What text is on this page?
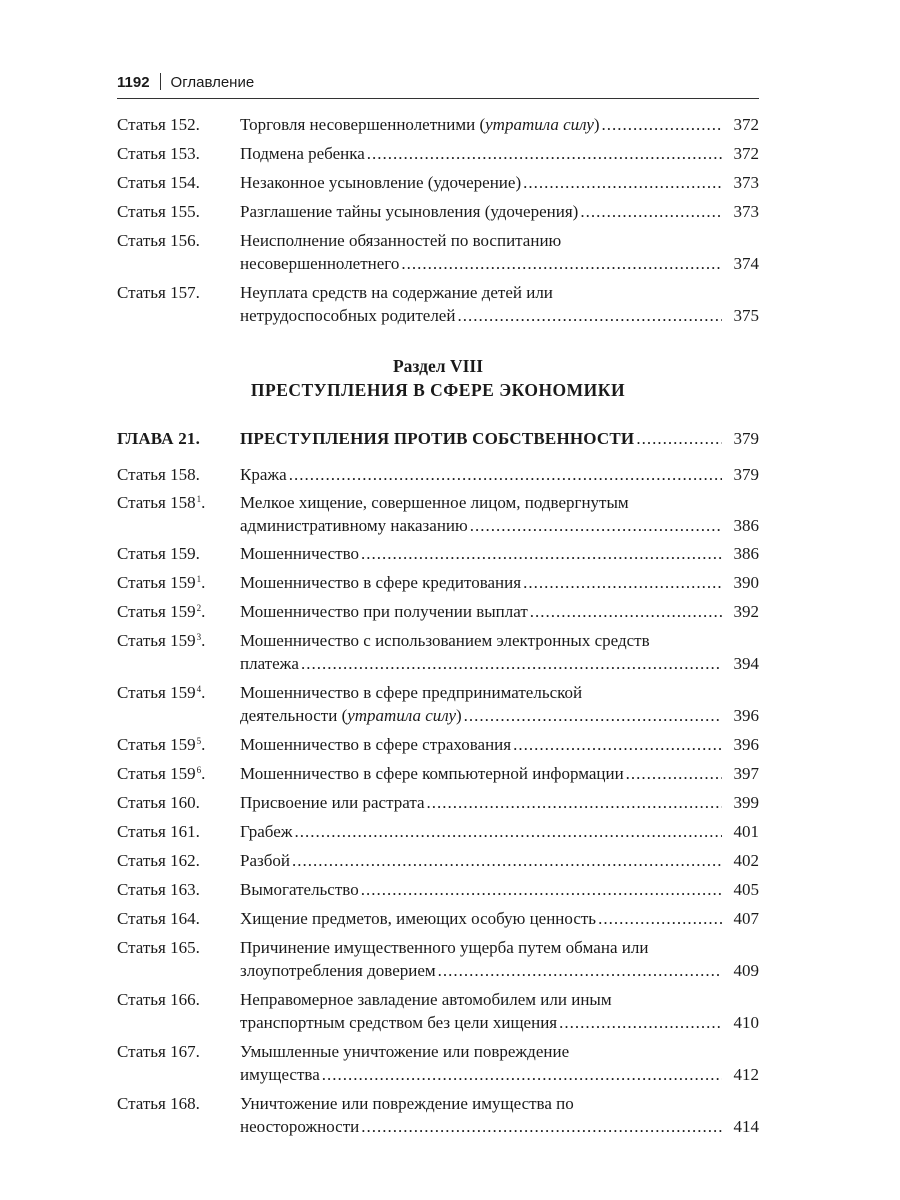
1192 Оглавление
Статья 152.	Торговля несовершеннолетними (утратила силу) .....	372
Статья 153.	Подмена ребенка .....	372
Статья 154.	Незаконное усыновление (удочерение) .....	373
Статья 155.	Разглашение тайны усыновления (удочерения) .....	373
Статья 156.	Неисполнение обязанностей по воспитанию
несовершеннолетнего .....	374
Статья 157.	Неуплата средств на содержание детей или
нетрудоспособных родителей .....	375
Раздел VIII
ПРЕСТУПЛЕНИЯ В СФЕРЕ ЭКОНОМИКИ
ГЛАВА 21.	ПРЕСТУПЛЕНИЯ ПРОТИВ СОБСТВЕННОСТИ .....	379
Статья 158.	Кража .....	379
Статья $158^1$.	Мелкое хищение, совершенное лицом, подвергнутым
административному наказанию .....	386
Статья 159.	Мошенничество .....	386
Статья $159^1$.	Мошенничество в сфере кредитования .....	390
Статья $159^2$.	Мошенничество при получении выплат .....	392
Статья $159^3$.	Мошенничество с использованием электронных средств
платежа .....	394
Статья $159^4$.	Мошенничество в сфере предпринимательской
деятельности (утратила силу) .....	396
Статья $159^5$.	Мошенничество в сфере страхования .....	396
Статья $159^6$.	Мошенничество в сфере компьютерной информации .....	397
Статья 160.	Присвоение или растрата .....	399
Статья 161.	Грабеж .....	401
Статья 162.	Разбой .....	402
Статья 163.	Вымогательство .....	405
Статья 164.	Хищение предметов, имеющих особую ценность .....	407
Статья 165.	Причинение имущественного ущерба путем обмана или
злоупотребления доверием .....	409
Статья 166.	Неправомерное завладение автомобилем или иным
транспортным средством без цели хищения .....	410
Статья 167.	Умышленные уничтожение или повреждение
имущества .....	412
Статья 168.	Уничтожение или повреждение имущества по
неосторожности .....	414
